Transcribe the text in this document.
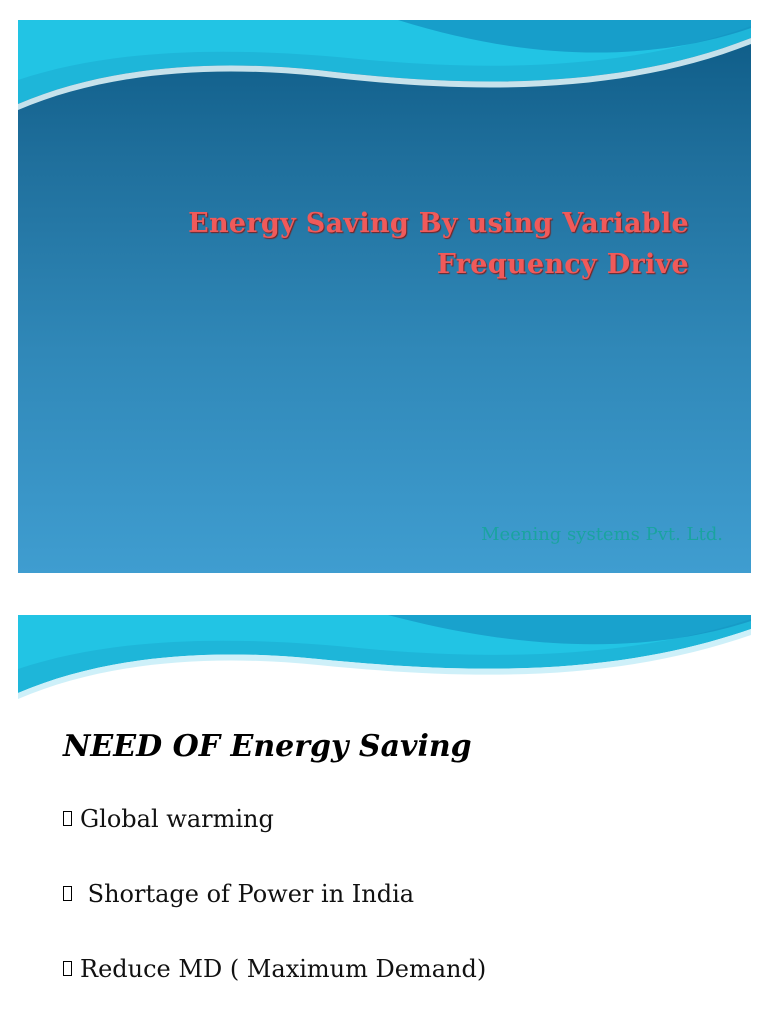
Energy Saving By using Variable
Frequency Drive
Meening systems Pvt. Ltd.
NEED OF Energy Saving
Global warming
Shortage of Power in India
Reduce MD ( Maximum Demand)
